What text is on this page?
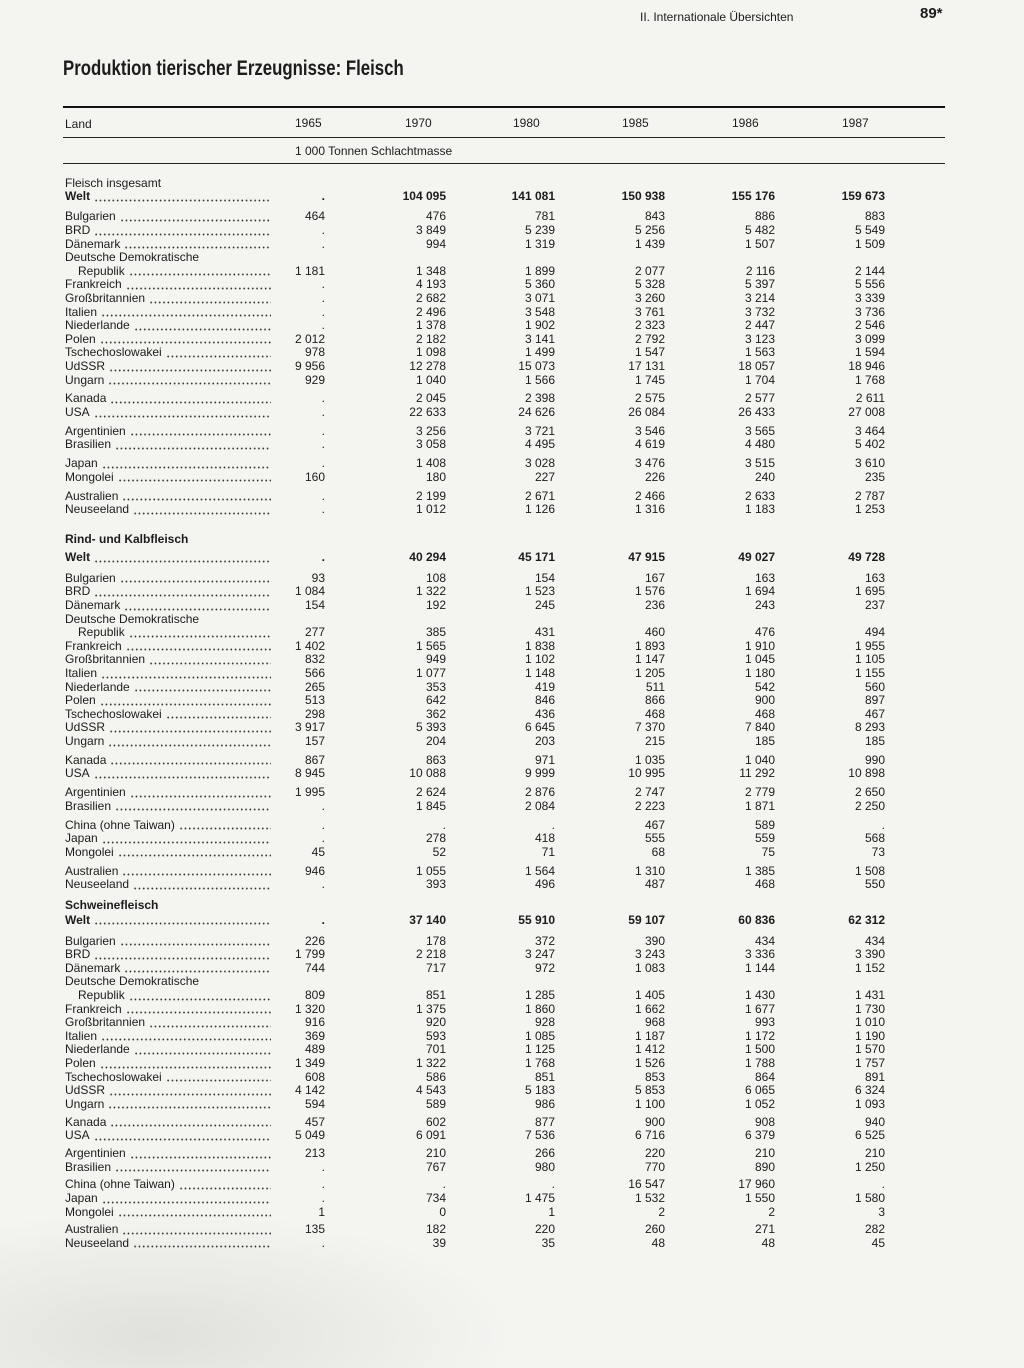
II. Internationale Übersichten	89*
Produktion tierischer Erzeugnisse: Fleisch
Land	1965	1970	1980	1985	1986	1987
1 000 Tonnen Schlachtmasse
Fleisch insgesamt
Welt	.	104 095	141 081	150 938	155 176	159 673
Bulgarien	464	476	781	843	886	883
BRD	.	3 849	5 239	5 256	5 482	5 549
Dänemark	.	994	1 319	1 439	1 507	1 509
Deutsche Demokratische
Republik	1 181	1 348	1 899	2 077	2 116	2 144
Frankreich	.	4 193	5 360	5 328	5 397	5 556
Großbritannien	.	2 682	3 071	3 260	3 214	3 339
Italien	.	2 496	3 548	3 761	3 732	3 736
Niederlande	.	1 378	1 902	2 323	2 447	2 546
Polen	2 012	2 182	3 141	2 792	3 123	3 099
Tschechoslowakei	978	1 098	1 499	1 547	1 563	1 594
UdSSR	9 956	12 278	15 073	17 131	18 057	18 946
Ungarn	929	1 040	1 566	1 745	1 704	1 768
Kanada	.	2 045	2 398	2 575	2 577	2 611
USA	.	22 633	24 626	26 084	26 433	27 008
Argentinien	.	3 256	3 721	3 546	3 565	3 464
Brasilien	.	3 058	4 495	4 619	4 480	5 402
Japan	.	1 408	3 028	3 476	3 515	3 610
Mongolei	160	180	227	226	240	235
Australien	.	2 199	2 671	2 466	2 633	2 787
Neuseeland	.	1 012	1 126	1 316	1 183	1 253
Rind- und Kalbfleisch
Welt	.	40 294	45 171	47 915	49 027	49 728
Bulgarien	93	108	154	167	163	163
BRD	1 084	1 322	1 523	1 576	1 694	1 695
Dänemark	154	192	245	236	243	237
Deutsche Demokratische
Republik	277	385	431	460	476	494
Frankreich	1 402	1 565	1 838	1 893	1 910	1 955
Großbritannien	832	949	1 102	1 147	1 045	1 105
Italien	566	1 077	1 148	1 205	1 180	1 155
Niederlande	265	353	419	511	542	560
Polen	513	642	846	866	900	897
Tschechoslowakei	298	362	436	468	468	467
UdSSR	3 917	5 393	6 645	7 370	7 840	8 293
Ungarn	157	204	203	215	185	185
Kanada	867	863	971	1 035	1 040	990
USA	8 945	10 088	9 999	10 995	11 292	10 898
Argentinien	1 995	2 624	2 876	2 747	2 779	2 650
Brasilien	.	1 845	2 084	2 223	1 871	2 250
China (ohne Taiwan)	.	.	.	467	589	.
Japan	.	278	418	555	559	568
Mongolei	45	52	71	68	75	73
Australien	946	1 055	1 564	1 310	1 385	1 508
Neuseeland	.	393	496	487	468	550
Schweinefleisch
Welt	.	37 140	55 910	59 107	60 836	62 312
Bulgarien	226	178	372	390	434	434
BRD	1 799	2 218	3 247	3 243	3 336	3 390
Dänemark	744	717	972	1 083	1 144	1 152
Deutsche Demokratische
Republik	809	851	1 285	1 405	1 430	1 431
Frankreich	1 320	1 375	1 860	1 662	1 677	1 730
Großbritannien	916	920	928	968	993	1 010
Italien	369	593	1 085	1 187	1 172	1 190
Niederlande	489	701	1 125	1 412	1 500	1 570
Polen	1 349	1 322	1 768	1 526	1 788	1 757
Tschechoslowakei	608	586	851	853	864	891
UdSSR	4 142	4 543	5 183	5 853	6 065	6 324
Ungarn	594	589	986	1 100	1 052	1 093
Kanada	457	602	877	900	908	940
USA	5 049	6 091	7 536	6 716	6 379	6 525
Argentinien	213	210	266	220	210	210
Brasilien	.	767	980	770	890	1 250
China (ohne Taiwan)	.	.	.	16 547	17 960	.
Japan	.	734	1 475	1 532	1 550	1 580
Mongolei	1	0	1	2	2	3
Australien	135	182	220	260	271	282
Neuseeland	.	39	35	48	48	45
